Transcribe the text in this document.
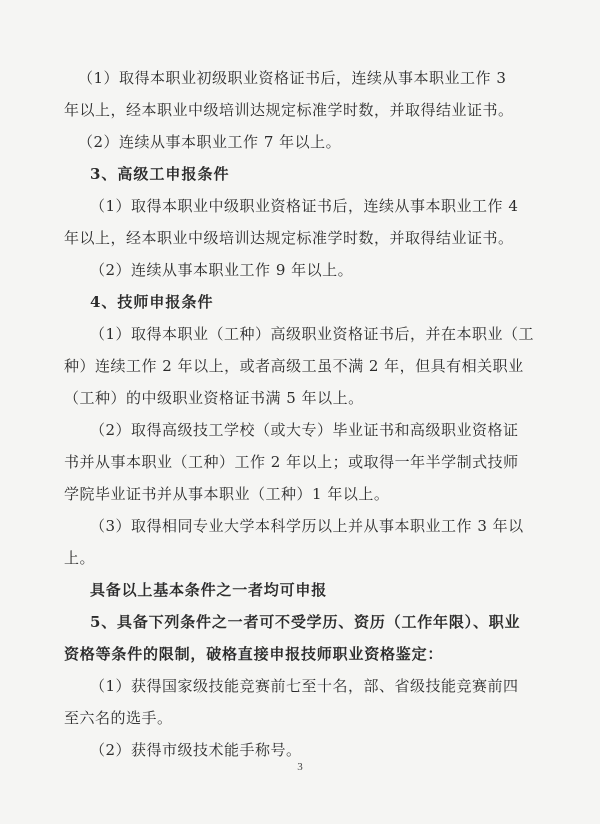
（1）取得本职业初级职业资格证书后，连续从事本职业工作 3
年以上，经本职业中级培训达规定标准学时数，并取得结业证书。
（2）连续从事本职业工作 7 年以上。
3、高级工申报条件
（1）取得本职业中级职业资格证书后，连续从事本职业工作 4
年以上，经本职业中级培训达规定标准学时数，并取得结业证书。
（2）连续从事本职业工作 9 年以上。
4、技师申报条件
（1）取得本职业（工种）高级职业资格证书后，并在本职业（工
种）连续工作 2 年以上，或者高级工虽不满 2 年，但具有相关职业
（工种）的中级职业资格证书满 5 年以上。
（2）取得高级技工学校（或大专）毕业证书和高级职业资格证
书并从事本职业（工种）工作 2 年以上；或取得一年半学制式技师
学院毕业证书并从事本职业（工种）1 年以上。
（3）取得相同专业大学本科学历以上并从事本职业工作 3 年以
上。
具备以上基本条件之一者均可申报
5、具备下列条件之一者可不受学历、资历（工作年限）、职业
资格等条件的限制，破格直接申报技师职业资格鉴定：
（1）获得国家级技能竞赛前七至十名，部、省级技能竞赛前四
至六名的选手。
（2）获得市级技术能手称号。
3
